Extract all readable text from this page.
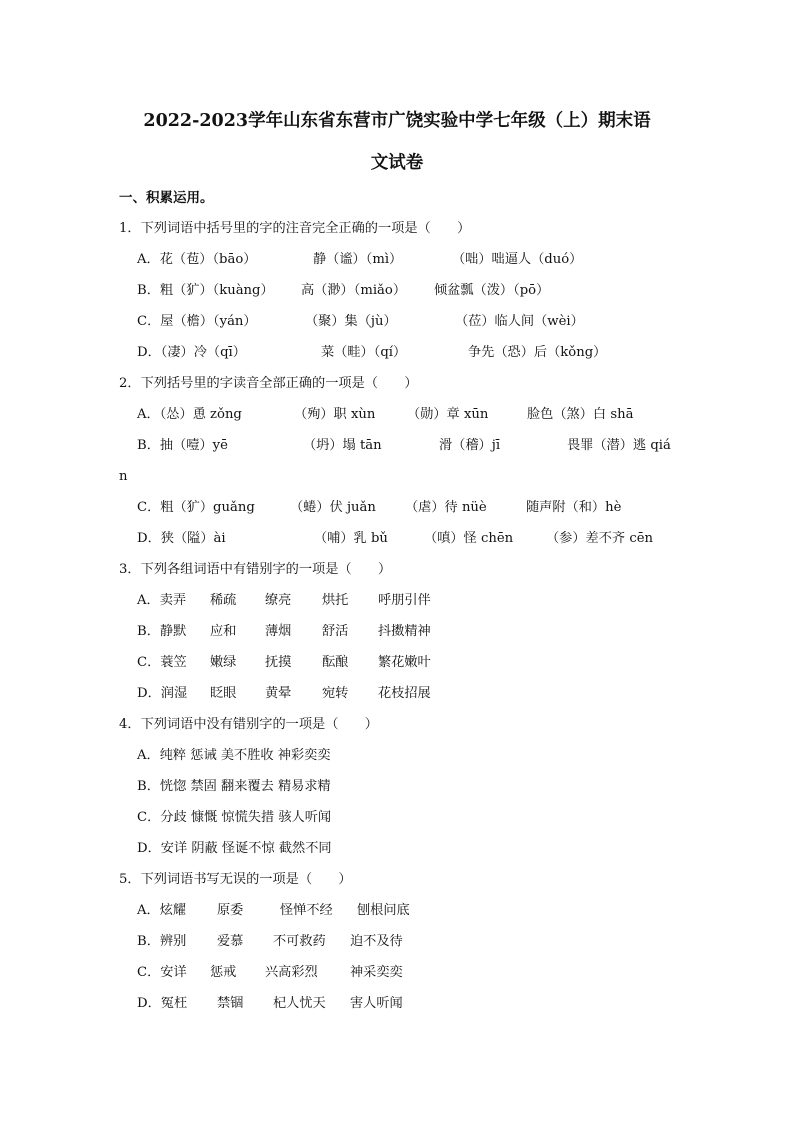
2022-2023学年山东省东营市广饶实验中学七年级（上）期末语
文试卷
一、积累运用。
1．下列词语中括号里的字的注音完全正确的一项是（　　）
A．花（苞）（bāo）	静（谧）（mì）	（咄）咄逼人（duó）
B．粗（犷）（kuàng） 高（渺）（miǎo） 倾盆瓢（泼）（pō）
C．屋（檐）（yán）	（聚）集（jù）	（莅）临人间（wèi）
D．（凄）冷（qī）	菜（畦）（qí）	争先（恐）后（kǒng）
2．下列括号里的字读音全部正确的一项是（　　）
A．（怂）恿 zǒng	（殉）职 xùn （勋）章 xūn	脸色（煞）白 shā
B．抽（噎）yē	（坍）塌 tān	滑（稽）jī	畏罪（潜）逃 qiá
n
C．粗（犷）guǎng	（蜷）伏 juǎn （虐）待 nüè	随声附（和）hè
D．狭（隘）ài	（哺）乳 bǔ	（嗔）怪 chēn （参）差不齐 cēn
3．下列各组词语中有错别字的一项是（　　）
A．卖弄 稀疏 缭亮 烘托 呼朋引伴
B．静默 应和 薄烟 舒活 抖擞精神
C．蓑笠 嫩绿 抚摸 酝酿 繁花嫩叶
D．润湿 眨眼 黄晕 宛转 花枝招展
4．下列词语中没有错别字的一项是（　　）
A．纯粹 惩诫 美不胜收 神彩奕奕
B．恍惚 禁固 翻来覆去 精易求精
C．分歧 慷慨 惊慌失措 骇人听闻
D．安详 阴蔽 怪诞不惊 截然不同
5．下列词语书写无误的一项是（　　）
A．炫耀 原委	怪惮不经 刨根问底
B．辨别 爱慕 不可救药 迫不及待
C．安详 惩戒 兴高彩烈 神采奕奕
D．冤枉 禁锢 杞人忧天 害人听闻
